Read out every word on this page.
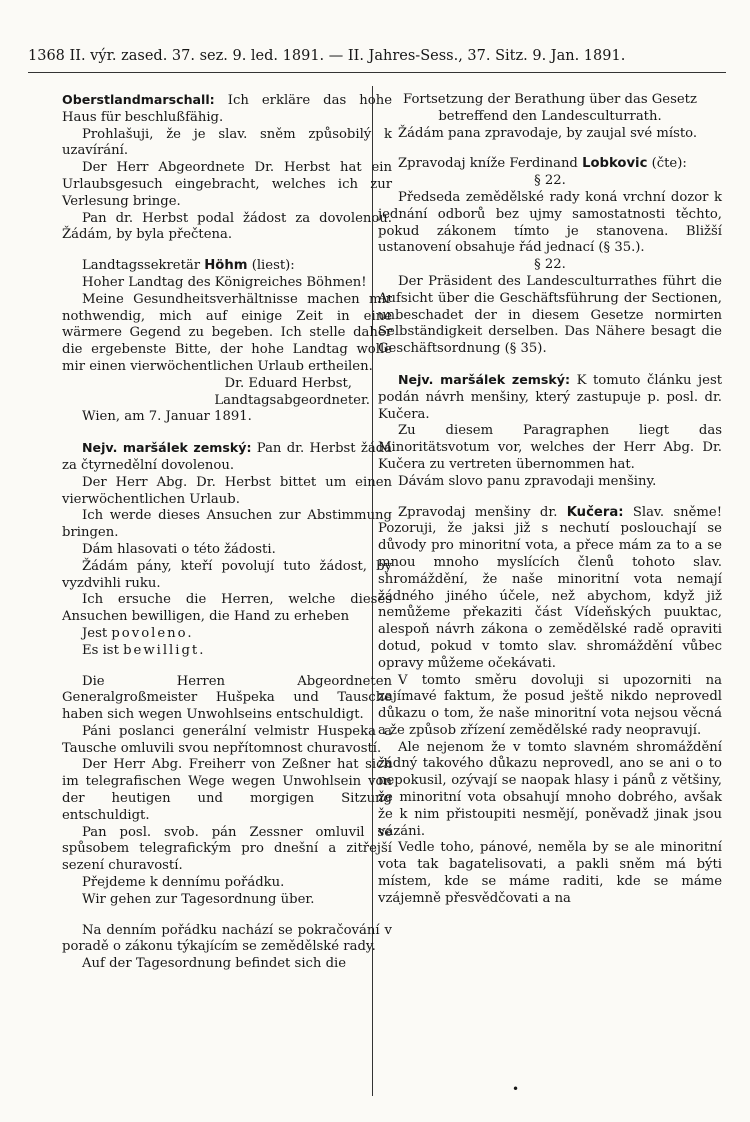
1368 II. výr. zased. 37. sez. 9. led. 1891. — II. Jahres-Sess., 37. Sitz. 9. Jan. 1891.

Oberstlandmarschall: Ich erkläre das hohe Haus für beschlußfähig.

Prohlašuji, že je slav. sněm způsobilý k uzavírání.

Der Herr Abgeordnete Dr. Herbst hat ein Urlaubsgesuch eingebracht, welches ich zur Verlesung bringe.

Pan dr. Herbst podal žádost za dovolenou. Žádám, by byla přečtena.

Landtagssekretär Höhm (liest):

Hoher Landtag des Königreiches Böhmen!

Meine Gesundheitsverhältnisse machen mir nothwendig, mich auf einige Zeit in eine wärmere Gegend zu begeben. Ich stelle daher die ergebenste Bitte, der hohe Landtag wolle mir einen vierwöchentlichen Urlaub ertheilen.

Dr. Eduard Herbst,

Landtagsabgeordneter.

Wien, am 7. Januar 1891.

Nejv. maršálek zemský: Pan dr. Herbst žádá za čtyrnedělní dovolenou.

Der Herr Abg. Dr. Herbst bittet um einen vierwöchentlichen Urlaub.

Ich werde dieses Ansuchen zur Abstimmung bringen.

Dám hlasovati o této žádosti.

Žádám pány, kteří povolují tuto žádost, by vyzdvihli ruku.

Ich ersuche die Herren, welche dieses Ansuchen bewilligen, die Hand zu erheben

Jest povoleno.

Es ist bewilligt.

Die Herren Abgeordneten Generalgroßmeister Hušpeka und Tausche haben sich wegen Unwohlseins entschuldigt.

Páni poslanci generální velmistr Huspeka a Tausche omluvili svou nepřítomnost churavostí.

Der Herr Abg. Freiherr von Zeßner hat sich im telegrafischen Wege wegen Unwohlsein von der heutigen und morgigen Sitzung entschuldigt.

Pan posl. svob. pán Zessner omluvil se spůsobem telegrafickým pro dnešní a zitřejší sezení churavostí.

Přejdeme k dennímu pořádku.

Wir gehen zur Tagesordnung über.

Na denním pořádku nachází se pokračování v poradě o zákonu týkajícím se zemědělské rady.

Auf der Tagesordnung befindet sich die

Fortsetzung der Berathung über das Gesetz betreffend den Landesculturrath.

Žádám pana zpravodaje, by zaujal své místo.

Zpravodaj kníže Ferdinand Lobkovic (čte):

§ 22.

Předseda zemědělské rady koná vrchní dozor k jednání odborů bez ujmy samostatnosti těchto, pokud zákonem tímto je stanovena. Bližší ustanovení obsahuje řád jednací (§ 35.).

§ 22.

Der Präsident des Landesculturrathes führt die Aufsicht über die Geschäftsführung der Sectionen, unbeschadet der in diesem Gesetze normirten Selbständigkeit derselben. Das Nähere besagt die Geschäftsordnung (§ 35).

Nejv. maršálek zemský: K tomuto článku jest podán návrh menšiny, který zastupuje p. posl. dr. Kučera.

Zu diesem Paragraphen liegt das Minoritätsvotum vor, welches der Herr Abg. Dr. Kučera zu vertreten übernommen hat.

Dávám slovo panu zpravodaji menšiny.

Zpravodaj menšiny dr. Kučera: Slav. sněme! Pozoruji, že jaksi již s nechutí poslouchají se důvody pro minoritní vota, a přece mám za to a se mnou mnoho myslících členů tohoto slav. shromáždění, že naše minoritní vota nemají žádného jiného účele, než abychom, když již nemůžeme překaziti část Vídeňských puuktac, alespoň návrh zákona o zemědělské radě opraviti dotud, pokud v tomto slav. shromáždění vůbec opravy můžeme očekávati.

V tomto směru dovoluji si upozorniti na zajímavé faktum, že posud ještě nikdo neprovedl důkazu o tom, že naše minoritní vota nejsou věcná a že způsob zřízení zemědělské rady neopravují.

Ale nejenom že v tomto slavném shromáždění žádný takového důkazu neprovedl, ano se ani o to nepokusil, ozývají se naopak hlasy i pánů z většiny, že minoritní vota obsahují mnoho dobrého, avšak že k nim přistoupiti nesmějí, poněvadž jinak jsou vázáni.

Vedle toho, pánové, neměla by se ale minoritní vota tak bagatelisovati, a pakli sněm má býti místem, kde se máme raditi, kde se máme vzájemně přesvědčovati a na

•
